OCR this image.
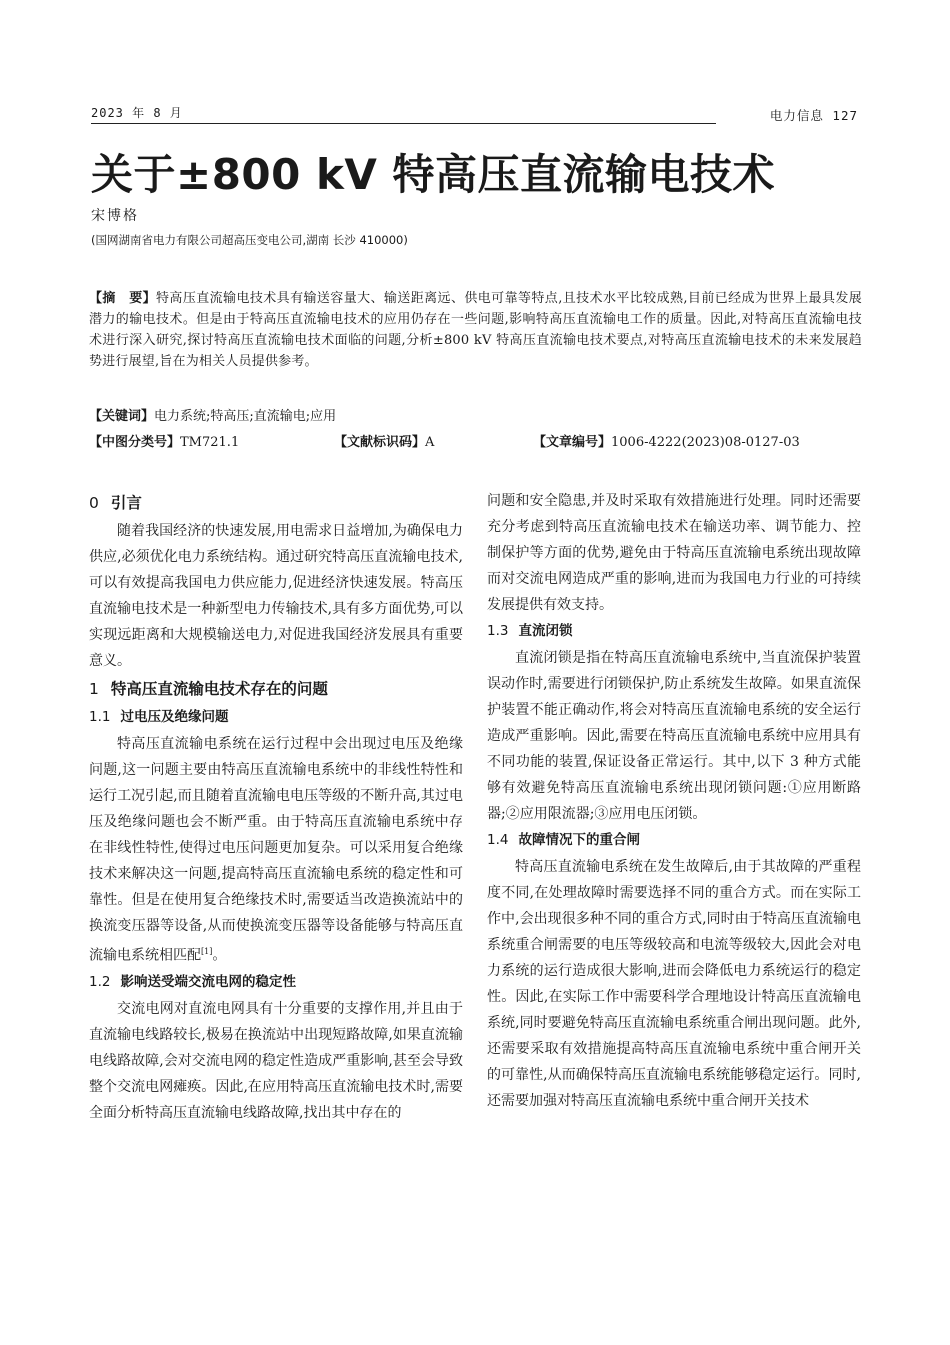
2023 年 8 月	电力信息 127
关于±800 kV 特高压直流输电技术
宋博格
(国网湖南省电力有限公司超高压变电公司,湖南 长沙 410000)
【摘　要】特高压直流输电技术具有输送容量大、输送距离远、供电可靠等特点,且技术水平比较成熟,目前已经成为世界上最具发展潜力的输电技术。但是由于特高压直流输电技术的应用仍存在一些问题,影响特高压直流输电工作的质量。因此,对特高压直流输电技术进行深入研究,探讨特高压直流输电技术面临的问题,分析±800 kV 特高压直流输电技术要点,对特高压直流输电技术的未来发展趋势进行展望,旨在为相关人员提供参考。
【关键词】电力系统;特高压;直流输电;应用
【中图分类号】TM721.1	【文献标识码】A	【文章编号】1006-4222(2023)08-0127-03
0 引言

随着我国经济的快速发展,用电需求日益增加,为确保电力供应,必须优化电力系统结构。通过研究特高压直流输电技术,可以有效提高我国电力供应能力,促进经济快速发展。特高压直流输电技术是一种新型电力传输技术,具有多方面优势,可以实现远距离和大规模输送电力,对促进我国经济发展具有重要意义。

1 特高压直流输电技术存在的问题
1.1 过电压及绝缘问题

特高压直流输电系统在运行过程中会出现过电压及绝缘问题,这一问题主要由特高压直流输电系统中的非线性特性和运行工况引起,而且随着直流输电电压等级的不断升高,其过电压及绝缘问题也会不断严重。由于特高压直流输电系统中存在非线性特性,使得过电压问题更加复杂。可以采用复合绝缘技术来解决这一问题,提高特高压直流输电系统的稳定性和可靠性。但是在使用复合绝缘技术时,需要适当改造换流站中的换流变压器等设备,从而使换流变压器等设备能够与特高压直流输电系统相匹配[1]。

1.2 影响送受端交流电网的稳定性

交流电网对直流电网具有十分重要的支撑作用,并且由于直流输电线路较长,极易在换流站中出现短路故障,如果直流输电线路故障,会对交流电网的稳定性造成严重影响,甚至会导致整个交流电网瘫痪。因此,在应用特高压直流输电技术时,需要全面分析特高压直流输电线路故障,找出其中存在的

问题和安全隐患,并及时采取有效措施进行处理。同时还需要充分考虑到特高压直流输电技术在输送功率、调节能力、控制保护等方面的优势,避免由于特高压直流输电系统出现故障而对交流电网造成严重的影响,进而为我国电力行业的可持续发展提供有效支持。

1.3 直流闭锁

直流闭锁是指在特高压直流输电系统中,当直流保护装置误动作时,需要进行闭锁保护,防止系统发生故障。如果直流保护装置不能正确动作,将会对特高压直流输电系统的安全运行造成严重影响。因此,需要在特高压直流输电系统中应用具有不同功能的装置,保证设备正常运行。其中,以下 3 种方式能够有效避免特高压直流输电系统出现闭锁问题:①应用断路器;②应用限流器;③应用电压闭锁。

1.4 故障情况下的重合闸

特高压直流输电系统在发生故障后,由于其故障的严重程度不同,在处理故障时需要选择不同的重合方式。而在实际工作中,会出现很多种不同的重合方式,同时由于特高压直流输电系统重合闸需要的电压等级较高和电流等级较大,因此会对电力系统的运行造成很大影响,进而会降低电力系统运行的稳定性。因此,在实际工作中需要科学合理地设计特高压直流输电系统,同时要避免特高压直流输电系统重合闸出现问题。此外,还需要采取有效措施提高特高压直流输电系统中重合闸开关的可靠性,从而确保特高压直流输电系统能够稳定运行。同时,还需要加强对特高压直流输电系统中重合闸开关技术
